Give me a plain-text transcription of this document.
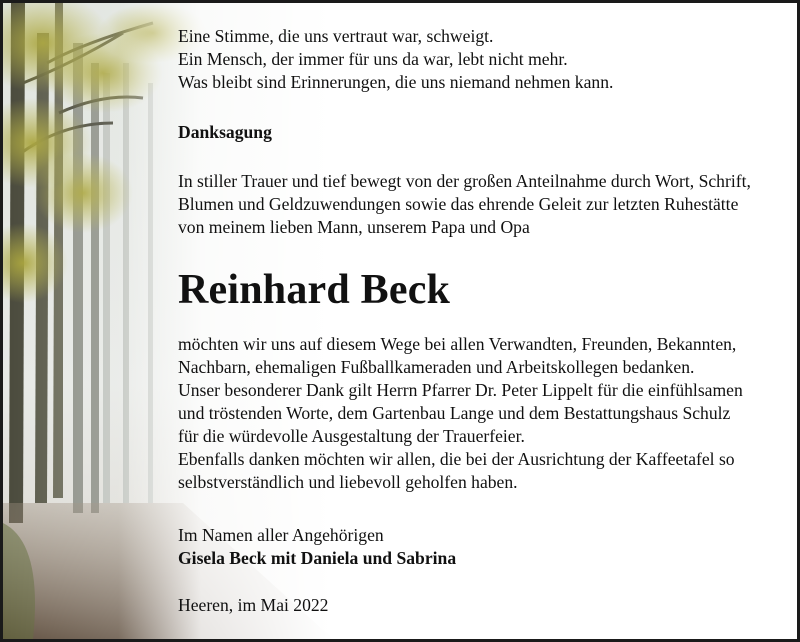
Eine Stimme, die uns vertraut war, schweigt.
Ein Mensch, der immer für uns da war, lebt nicht mehr.
Was bleibt sind Erinnerungen, die uns niemand nehmen kann.
Danksagung
In stiller Trauer und tief bewegt von der großen Anteilnahme durch Wort, Schrift,
Blumen und Geldzuwendungen sowie das ehrende Geleit zur letzten Ruhestätte
von meinem lieben Mann, unserem Papa und Opa
Reinhard Beck
möchten wir uns auf diesem Wege bei allen Verwandten, Freunden, Bekannten,
Nachbarn, ehemaligen Fußballkameraden und Arbeitskollegen bedanken.
Unser besonderer Dank gilt Herrn Pfarrer Dr. Peter Lippelt für die einfühlsamen
und tröstenden Worte, dem Gartenbau Lange und dem Bestattungshaus Schulz
für die würdevolle Ausgestaltung der Trauerfeier.
Ebenfalls danken möchten wir allen, die bei der Ausrichtung der Kaffeetafel so
selbstverständlich und liebevoll geholfen haben.
Im Namen aller Angehörigen
Gisela Beck mit Daniela und Sabrina
Heeren, im Mai 2022
